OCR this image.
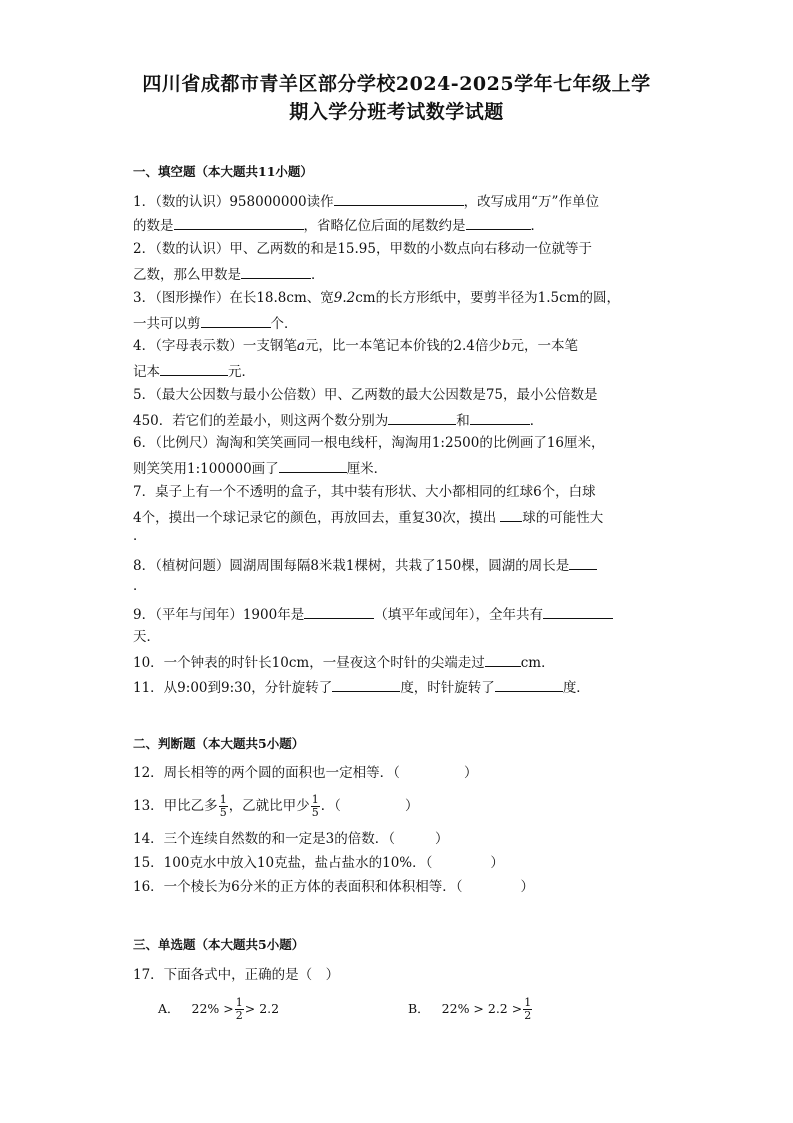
四川省成都市青羊区部分学校2024-2025学年七年级上学
期入学分班考试数学试题
一、填空题（本大题共11小题）
1．（数的认识）958000000读作	，改写成用“万”作单位
的数是	，省略亿位后面的尾数约是	．
2．（数的认识）甲、乙两数的和是15.95，甲数的小数点向右移动一位就等于
乙数，那么甲数是	．
3．（图形操作）在长18.8cm、宽9.2cm的长方形纸中，要剪半径为1.5cm的圆，
一共可以剪	个．
4．（字母表示数）一支钢笔a元，比一本笔记本价钱的2.4倍少b元，一本笔
记本	元．
5．（最大公因数与最小公倍数）甲、乙两数的最大公因数是75，最小公倍数是
450．若它们的差最小，则这两个数分别为	和	．
6．（比例尺）淘淘和笑笑画同一根电线杆，淘淘用1:2500的比例画了16厘米，
则笑笑用1:100000画了	厘米．
7．桌子上有一个不透明的盒子，其中装有形状、大小都相同的红球6个，白球
4个，摸出一个球记录它的颜色，再放回去，重复30次，摸出 球的可能性大
．
8．（植树问题）圆湖周围每隔8米栽1棵树，共栽了150棵，圆湖的周长是
．
9．（平年与闰年）1900年是	（填平年或闰年），全年共有
天．
10．一个钟表的时针长10cm，一昼夜这个时针的尖端走过	cm．
11．从9:00到9:30，分针旋转了	度，时针旋转了	度．
二、判断题（本大题共5小题）
12．周长相等的两个圆的面积也一定相等．（	）
13．甲比乙多 $\frac{1}{5}$ ，乙就比甲少 $\frac{1}{5}$ ．（	）
14．三个连续自然数的和一定是3的倍数．（	）
15．100克水中放入10克盐，盐占盐水的10%．（	）
16．一个棱长为6分米的正方体的表面积和体积相等．（	）
三、单选题（本大题共5小题）
17．下面各式中，正确的是（　）
A． $22\% > \frac{1}{2} > 2.2$	B． $22\% > 2.2 > \frac{1}{2}$
